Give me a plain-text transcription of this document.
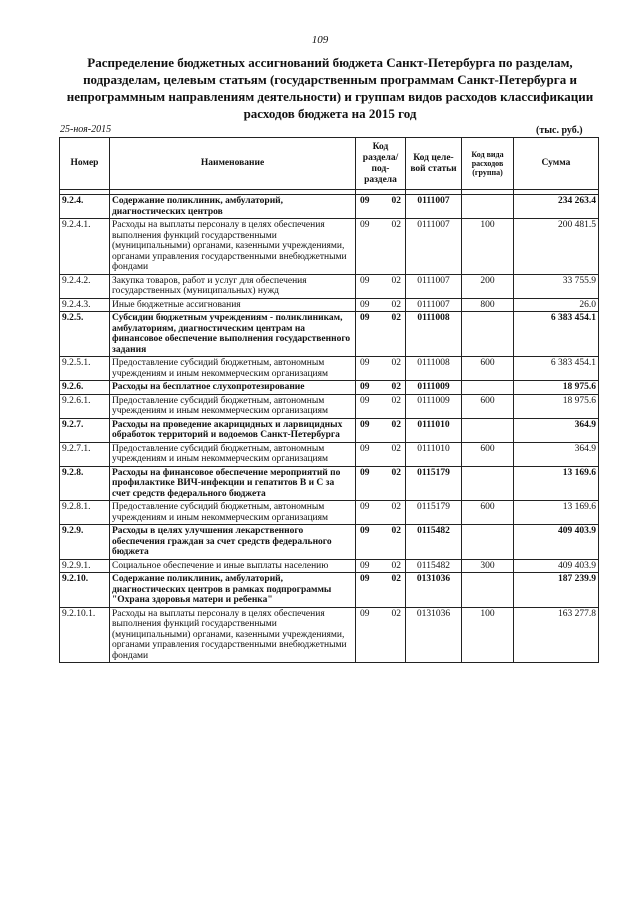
109
Распределение бюджетных ассигнований бюджета Санкт-Петербурга по разделам, подразделам, целевым статьям (государственным программам Санкт-Петербурга и непрограммным направлениям деятельности) и группам видов расходов классификации расходов бюджета на 2015 год
25-ноя-2015	(тыс. руб.)
Номер	Наименование	Код раздела/ под-раздела	Код целе-вой статьи	Код вида расходов (группа)	Сумма

9.2.4.	Содержание поликлиник, амбулаторий, диагностических центров	09 02	0111007		234 263.4
9.2.4.1.	Расходы на выплаты персоналу в целях обеспечения выполнения функций государственными (муниципальными) органами, казенными учреждениями, органами управления государственными внебюджетными фондами	09 02	0111007	100	200 481.5
9.2.4.2.	Закупка товаров, работ и услуг для обеспечения государственных (муниципальных) нужд	09 02	0111007	200	33 755.9
9.2.4.3.	Иные бюджетные ассигнования	09 02	0111007	800	26.0
9.2.5.	Субсидии бюджетным учреждениям - поликлиникам, амбулаториям, диагностическим центрам на финансовое обеспечение выполнения государственного задания	09 02	0111008		6 383 454.1
9.2.5.1.	Предоставление субсидий бюджетным, автономным учреждениям и иным некоммерческим организациям	09 02	0111008	600	6 383 454.1
9.2.6.	Расходы на бесплатное слухопротезирование	09 02	0111009		18 975.6
9.2.6.1.	Предоставление субсидий бюджетным, автономным учреждениям и иным некоммерческим организациям	09 02	0111009	600	18 975.6
9.2.7.	Расходы на проведение акарицидных и ларвицидных обработок территорий и водоемов Санкт-Петербурга	09 02	0111010		364.9
9.2.7.1.	Предоставление субсидий бюджетным, автономным учреждениям и иным некоммерческим организациям	09 02	0111010	600	364.9
9.2.8.	Расходы на финансовое обеспечение мероприятий по профилактике ВИЧ-инфекции и гепатитов В и С за счет средств федерального бюджета	09 02	0115179		13 169.6
9.2.8.1.	Предоставление субсидий бюджетным, автономным учреждениям и иным некоммерческим организациям	09 02	0115179	600	13 169.6
9.2.9.	Расходы в целях улучшения лекарственного обеспечения граждан за счет средств федерального бюджета	09 02	0115482		409 403.9
9.2.9.1.	Социальное обеспечение и иные выплаты населению	09 02	0115482	300	409 403.9
9.2.10.	Содержание поликлиник, амбулаторий, диагностических центров в рамках подпрограммы "Охрана здоровья матери и ребенка"	09 02	0131036		187 239.9
9.2.10.1.	Расходы на выплаты персоналу в целях обеспечения выполнения функций государственными (муниципальными) органами, казенными учреждениями, органами управления государственными внебюджетными фондами	09 02	0131036	100	163 277.8
